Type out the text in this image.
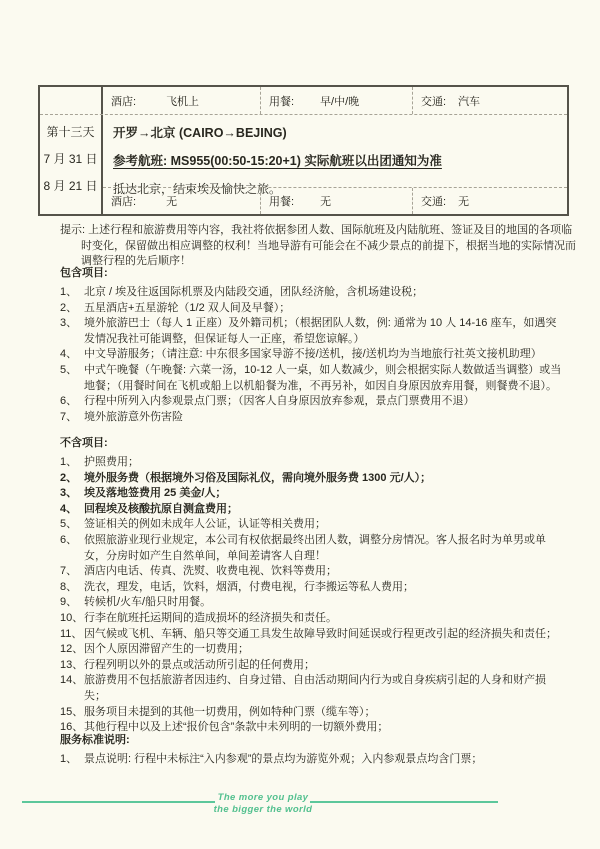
酒店:	飞机上	用餐: 早/中/晚	交通: 汽车
第十三天
7 月 31 日
8 月 21 日
开罗→北京 (CAIRO→BEJING)
参考航班: MS955(00:50-15:20+1) 实际航班以出团通知为准
抵达北京，结束埃及愉快之旅。
酒店:	无	用餐: 无	交通: 无
提示: 上述行程和旅游费用等内容，我社将依据参团人数、国际航班及内陆航班、签证及目的地国的各项临时变化，保留做出相应调整的权利！当地导游有可能会在不减少景点的前提下，根据当地的实际情况而调整行程的先后顺序！
包含项目:
1、 北京 / 埃及往返国际机票及内陆段交通，团队经济舱，含机场建设税；
2、 五星酒店+五星游轮（1/2 双人间及早餐）；
3、 境外旅游巴士（每人 1 正座）及外籍司机；（根据团队人数，例: 通常为 10 人 14-16 座车，如遇突发情况我社可能调整，但保证每人一正座，希望您谅解。）
4、 中文导游服务；（请注意: 中东很多国家导游不接/送机，接/送机均为当地旅行社英文接机助理）
5、 中式午晚餐（午晚餐: 六菜一汤，10-12 人一桌，如人数减少，则会根据实际人数做适当调整）或当地餐；（用餐时间在飞机或船上以机船餐为准，不再另补，如因自身原因放弃用餐，则餐费不退）。
6、 行程中所列入内参观景点门票；（因客人自身原因放弃参观，景点门票费用不退）
7、 境外旅游意外伤害险
不含项目:
1、 护照费用；
2、 境外服务费（根据境外习俗及国际礼仪，需向境外服务费 1300 元/人）；
3、 埃及落地签费用 25 美金/人；
4、 回程埃及核酸抗原自测盒费用；
5、 签证相关的例如未成年人公证，认证等相关费用；
6、 依照旅游业现行业规定，本公司有权依据最终出团人数，调整分房情况。客人报名时为单男或单女，分房时如产生自然单间，单间差请客人自理！
7、 酒店内电话、传真、洗熨、收费电视、饮料等费用；
8、 洗衣，理发，电话，饮料，烟酒，付费电视，行李搬运等私人费用；
9、 转候机/火车/船只时用餐。
10、 行李在航班托运期间的造成损坏的经济损失和责任。
11、 因气候或飞机、车辆、船只等交通工具发生故障导致时间延误或行程更改引起的经济损失和责任；
12、 因个人原因滞留产生的一切费用；
13、 行程列明以外的景点或活动所引起的任何费用；
14、 旅游费用不包括旅游者因违约、自身过错、自由活动期间内行为或自身疾病引起的人身和财产损失；
15、 服务项目未提到的其他一切费用，例如特种门票（缆车等）；
16、 其他行程中以及上述“报价包含”条款中未列明的一切额外费用；
服务标准说明:
1、 景点说明: 行程中未标注“入内参观”的景点均为游览外观；入内参观景点均含门票；
The more you play
the bigger the world
